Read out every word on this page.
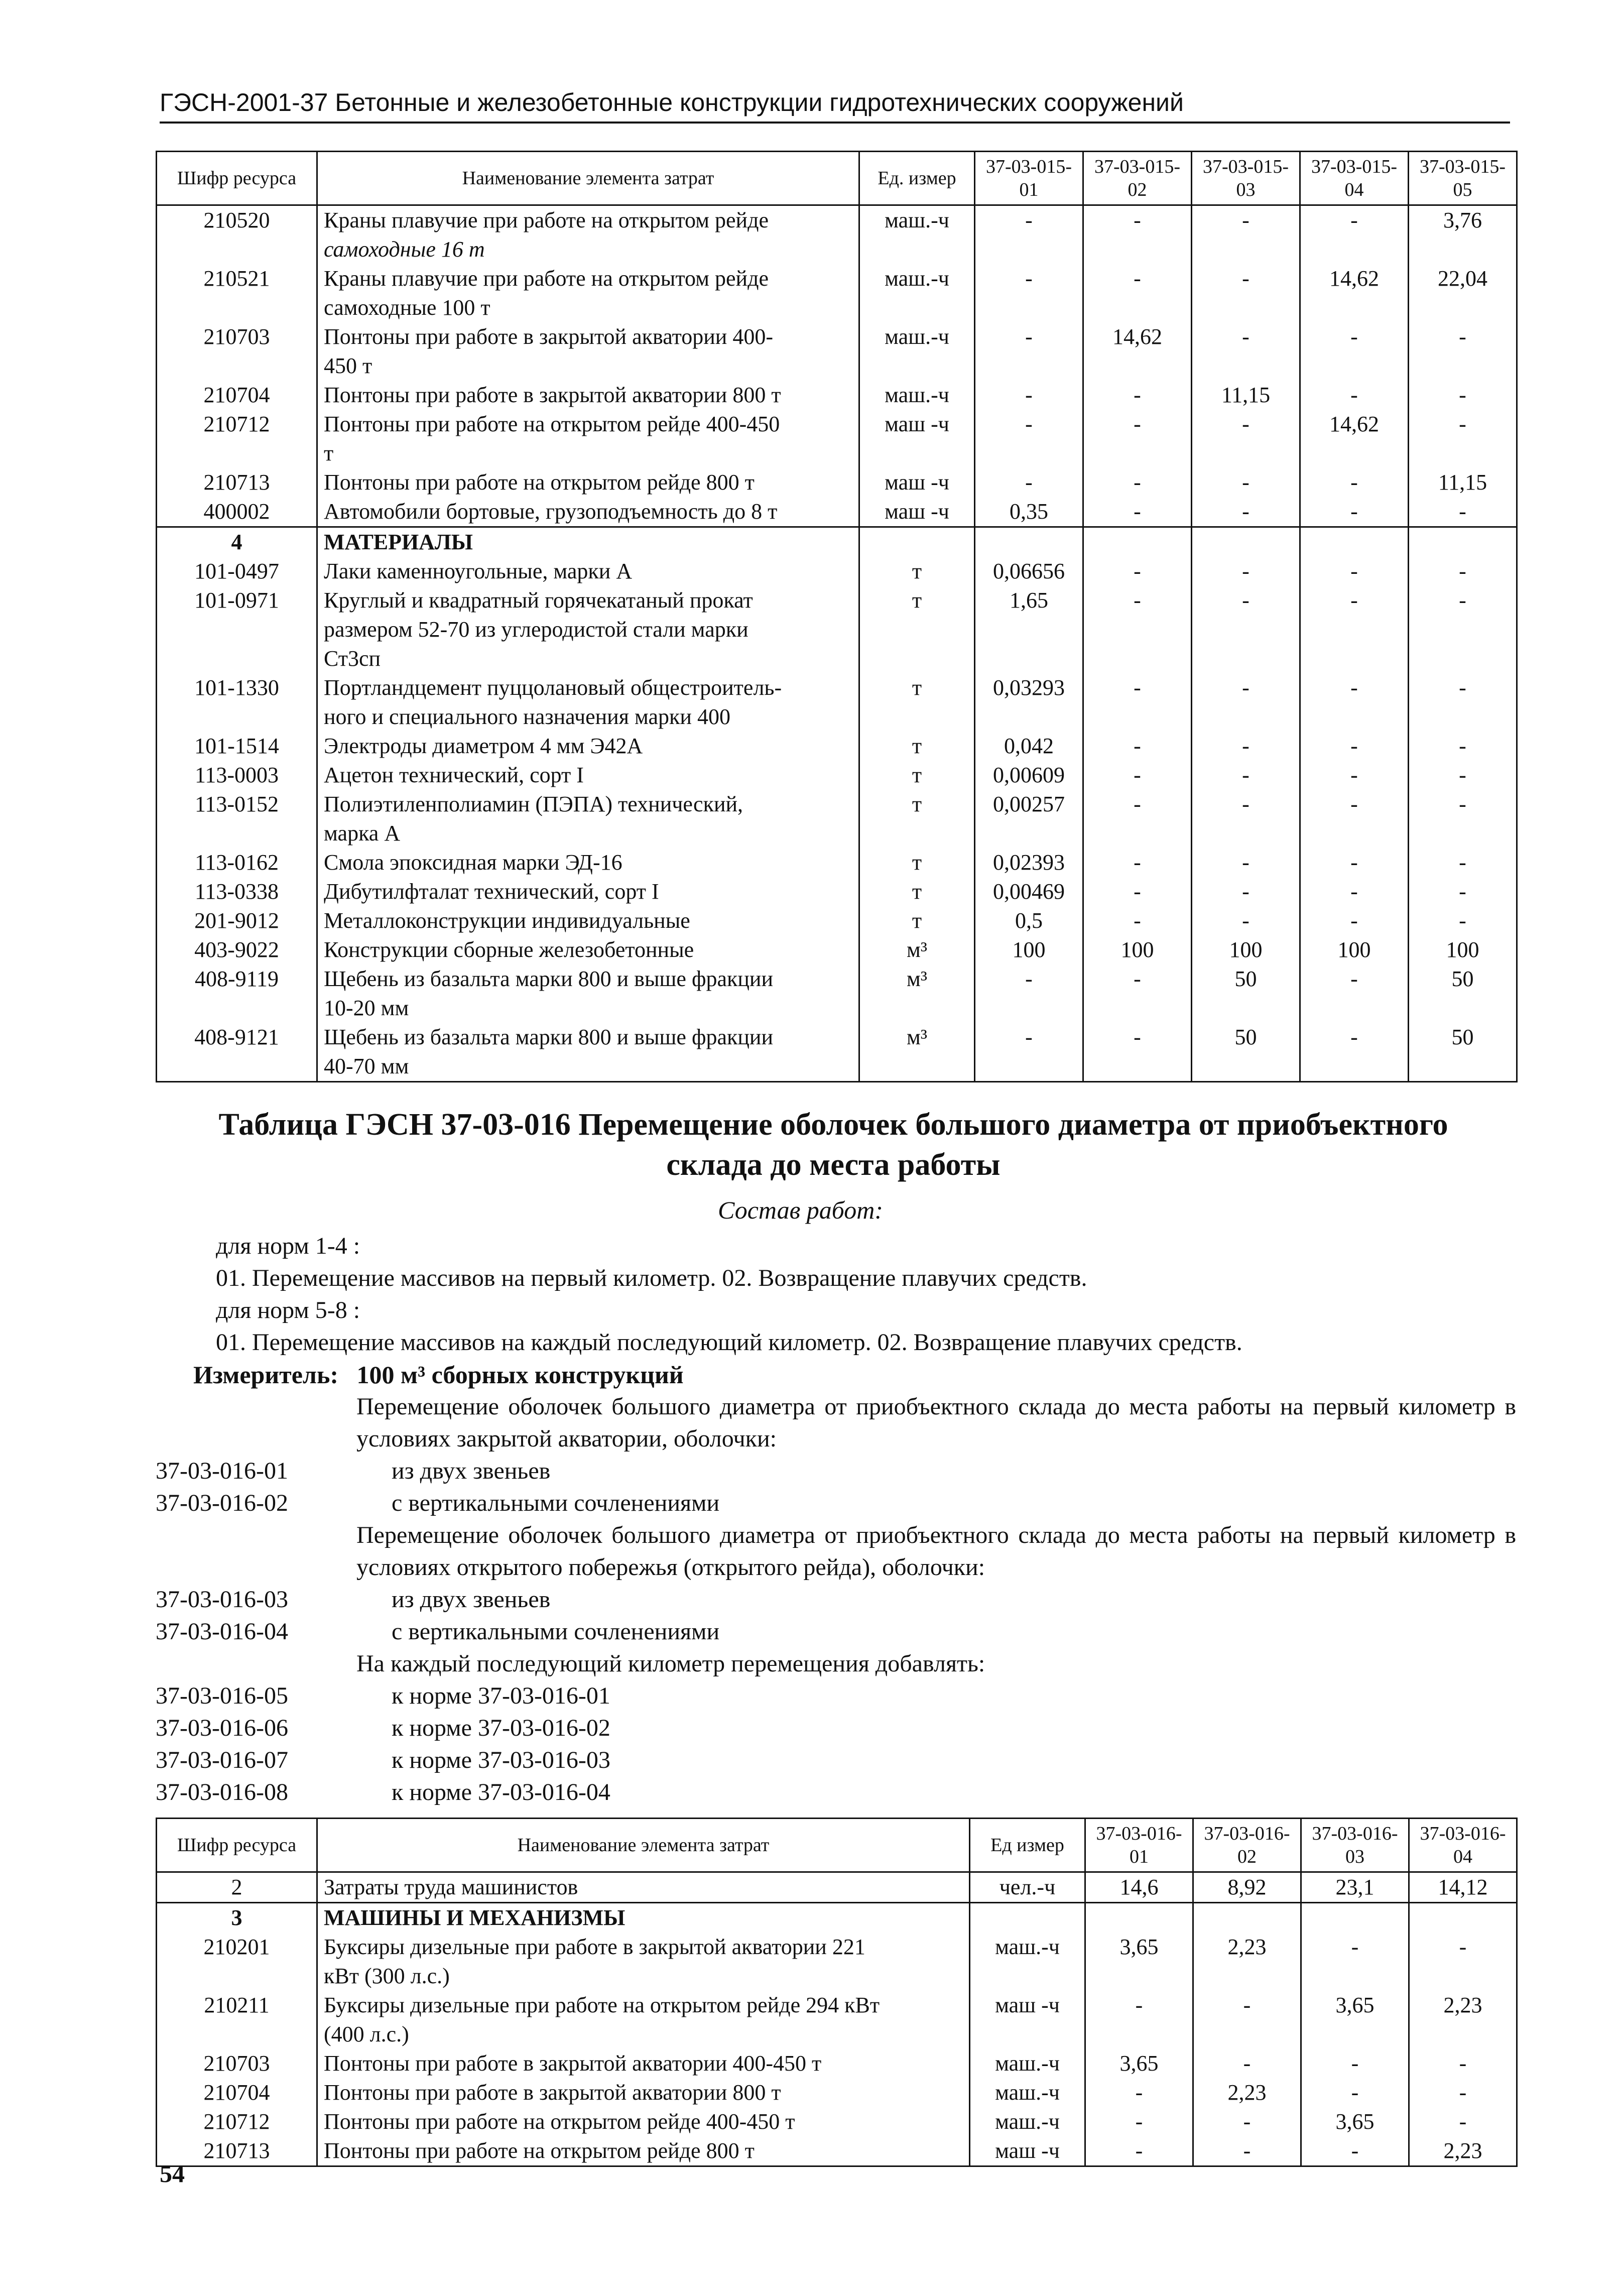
ГЭСН-2001-37 Бетонные и железобетонные конструкции гидротехнических сооружений
Шифр ресурса	Наименование элемента затрат	Ед. измер	37-03-015-01	37-03-015-02	37-03-015-03	37-03-015-04	37-03-015-05
210520	Краны плавучие при работе на открытом рейде
самоходные 16 т	маш.-ч	-	-	-	-	3,76
210521	Краны плавучие при работе на открытом рейде
самоходные 100 т	маш.-ч	-	-	-	14,62	22,04
210703	Понтоны при работе в закрытой акватории 400-
450 т	маш.-ч	-	14,62	-	-	-
210704	Понтоны при работе в закрытой акватории 800 т	маш.-ч	-	-	11,15	-	-
210712	Понтоны при работе на открытом рейде 400-450
т	маш -ч	-	-	-	14,62	-
210713	Понтоны при работе на открытом рейде 800 т	маш -ч	-	-	-	-	11,15
400002	Автомобили бортовые, грузоподъемность до 8 т	маш -ч	0,35	-	-	-	-
4	МАТЕРИАЛЫ						
101-0497	Лаки каменноугольные, марки А	т	0,06656	-	-	-	-
101-0971	Круглый и квадратный горячекатаный прокат
размером 52-70 из углеродистой стали марки
Ст3сп	т	1,65	-	-	-	-
101-1330	Портландцемент пуццолановый общестроитель-
ного и специального назначения марки 400	т	0,03293	-	-	-	-
101-1514	Электроды диаметром 4 мм Э42А	т	0,042	-	-	-	-
113-0003	Ацетон технический, сорт I	т	0,00609	-	-	-	-
113-0152	Полиэтиленполиамин (ПЭПА) технический,
марка А	т	0,00257	-	-	-	-
113-0162	Смола эпоксидная марки ЭД-16	т	0,02393	-	-	-	-
113-0338	Дибутилфталат технический, сорт I	т	0,00469	-	-	-	-
201-9012	Металлоконструкции индивидуальные	т	0,5	-	-	-	-
403-9022	Конструкции сборные железобетонные	м³	100	100	100	100	100
408-9119	Щебень из базальта марки 800 и выше фракции
10-20 мм	м³	-	-	50	-	50
408-9121	Щебень из базальта марки 800 и выше фракции
40-70 мм	м³	-	-	50	-	50
Таблица ГЭСН 37-03-016 Перемещение оболочек большого диаметра от приобъектного
склада до места работы
Состав работ:
для норм 1-4 :
01. Перемещение массивов на первый километр. 02. Возвращение плавучих средств.
для норм 5-8 :
01. Перемещение массивов на каждый последующий километр. 02. Возвращение плавучих средств.
Измеритель: 100 м³ сборных конструкций
Перемещение оболочек большого диаметра от приобъектного склада до места работы на первый километр в условиях закрытой акватории, оболочки:
37-03-016-01	из двух звеньев
37-03-016-02	с вертикальными сочленениями
Перемещение оболочек большого диаметра от приобъектного склада до места работы на первый километр в условиях открытого побережья (открытого рейда), оболочки:
37-03-016-03	из двух звеньев
37-03-016-04	с вертикальными сочленениями
На каждый последующий километр перемещения добавлять:
37-03-016-05	к норме 37-03-016-01
37-03-016-06	к норме 37-03-016-02
37-03-016-07	к норме 37-03-016-03
37-03-016-08	к норме 37-03-016-04
Шифр ресурса	Наименование элемента затрат	Ед измер	37-03-016-01	37-03-016-02	37-03-016-03	37-03-016-04
2	Затраты труда машинистов	чел.-ч	14,6	8,92	23,1	14,12
3	МАШИНЫ И МЕХАНИЗМЫ					
210201	Буксиры дизельные при работе в закрытой акватории 221
кВт (300 л.с.)	маш.-ч	3,65	2,23	-	-
210211	Буксиры дизельные при работе на открытом рейде 294 кВт
(400 л.с.)	маш -ч	-	-	3,65	2,23
210703	Понтоны при работе в закрытой акватории 400-450 т	маш.-ч	3,65	-	-	-
210704	Понтоны при работе в закрытой акватории 800 т	маш.-ч	-	2,23	-	-
210712	Понтоны при работе на открытом рейде 400-450 т	маш.-ч	-	-	3,65	-
210713	Понтоны при работе на открытом рейде 800 т	маш -ч	-	-	-	2,23
54
